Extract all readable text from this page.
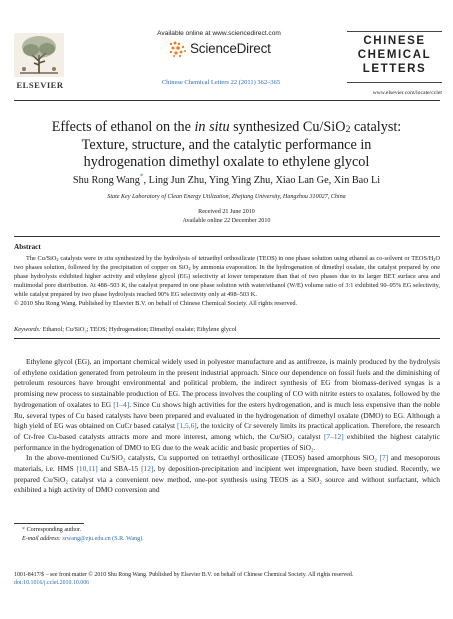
Available online at www.sciencedirect.com
ScienceDirect
Chinese Chemical Letters 22 (2011) 362–365
ELSEVIER
CHINESE
CHEMICAL
LETTERS
www.elsevier.com/locate/cclet
Effects of ethanol on the in situ synthesized Cu/SiO$_2$ catalyst: Texture, structure, and the catalytic performance in hydrogenation dimethyl oxalate to ethylene glycol
Shu Rong Wang*, Ling Jun Zhu, Ying Ying Zhu, Xiao Lan Ge, Xin Bao Li
State Key Laboratory of Clean Energy Utilization, Zhejiang University, Hangzhou 310027, China
Received 21 June 2010
Available online 22 December 2010
Abstract
The Cu/SiO$_2$ catalysts were in situ synthesized by the hydrolysis of tetraethyl orthosilicate (TEOS) in one phase solution using ethanol as co-solvent or TEOS/$H_2O$ two phases solution, followed by the precipitation of copper on SiO$_2$ by ammonia evaporation. In the hydrogenation of dimethyl oxalate, the catalyst prepared by one phase hydrolysis exhibited higher activity and ethylene glycol (EG) selectivity at lower temperature than that of two phases due to its larger BET surface area and multimodal pore distribution. At 488–503 K, the catalyst prepared in one phase solution with water/ethanol (W/E) volume ratio of 3:1 exhibited 90–95% EG selectivity, while catalyst prepared by two phase hydrolysis reached 90% EG selectivity only at 498–503 K.
© 2010 Shu Rong Wang. Published by Elsevier B.V. on behalf of Chinese Chemical Society. All rights reserved.
Keywords: Ethanol; Cu/SiO₂; TEOS; Hydrogenation; Dimethyl oxalate; Ethylene glycol

Ethylene glycol (EG), an important chemical widely used in polyester manufacture and as antifreeze, is mainly produced by the hydrolysis of ethylene oxidation generated from petroleum in the present industrial approach. Since our dependence on fossil fuels and the diminishing of petroleum resources have brought environmental and political problem, the indirect synthesis of EG from biomass-derived syngas is a promising new process to sustainable production of EG. The process involves the coupling of CO with nitrite esters to oxalates, followed by the hydrogenation of oxalates to EG [1–4]. Since Cu shows high activities for the esters hydrogenation, and is much less expensive than the noble Ru, several types of Cu based catalysts have been prepared and evaluated in the hydrogenation of dimethyl oxalate (DMO) to EG. Although a high yield of EG was obtained on CuCr based catalyst [1,5,6], the toxicity of Cr severely limits its practical application. Therefore, the research of Cr-free Cu-based catalysts attracts more and more interest, among which, the Cu/SiO₂ catalyst [7–12] exhibited the highest catalytic performance in the hydrogenation of DMO to EG due to the weak acidic and basic properties of SiO₂.

In the above-mentioned Cu/SiO₂ catalysts, Cu supported on tetraethyl orthosilicate (TEOS) based amorphous SiO₂ [7] and mesoporous materials, i.e. HMS [10,11] and SBA-15 [12], by deposition-precipitation and incipient wet impregnation, have been studied. Recently, we prepared Cu/SiO₂ catalyst via a convenient new method, one-pot synthesis using TEOS as a SiO₂ source and without surfactant, which exhibited a high activity of DMO conversion and

* Corresponding author.
E-mail address: srwang@zju.edu.cn (S.R. Wang).
1001-8417/$ – see front matter © 2010 Shu Rong Wang. Published by Elsevier B.V. on behalf of Chinese Chemical Society. All rights reserved.
doi:10.1016/j.cclet.2010.10.006
